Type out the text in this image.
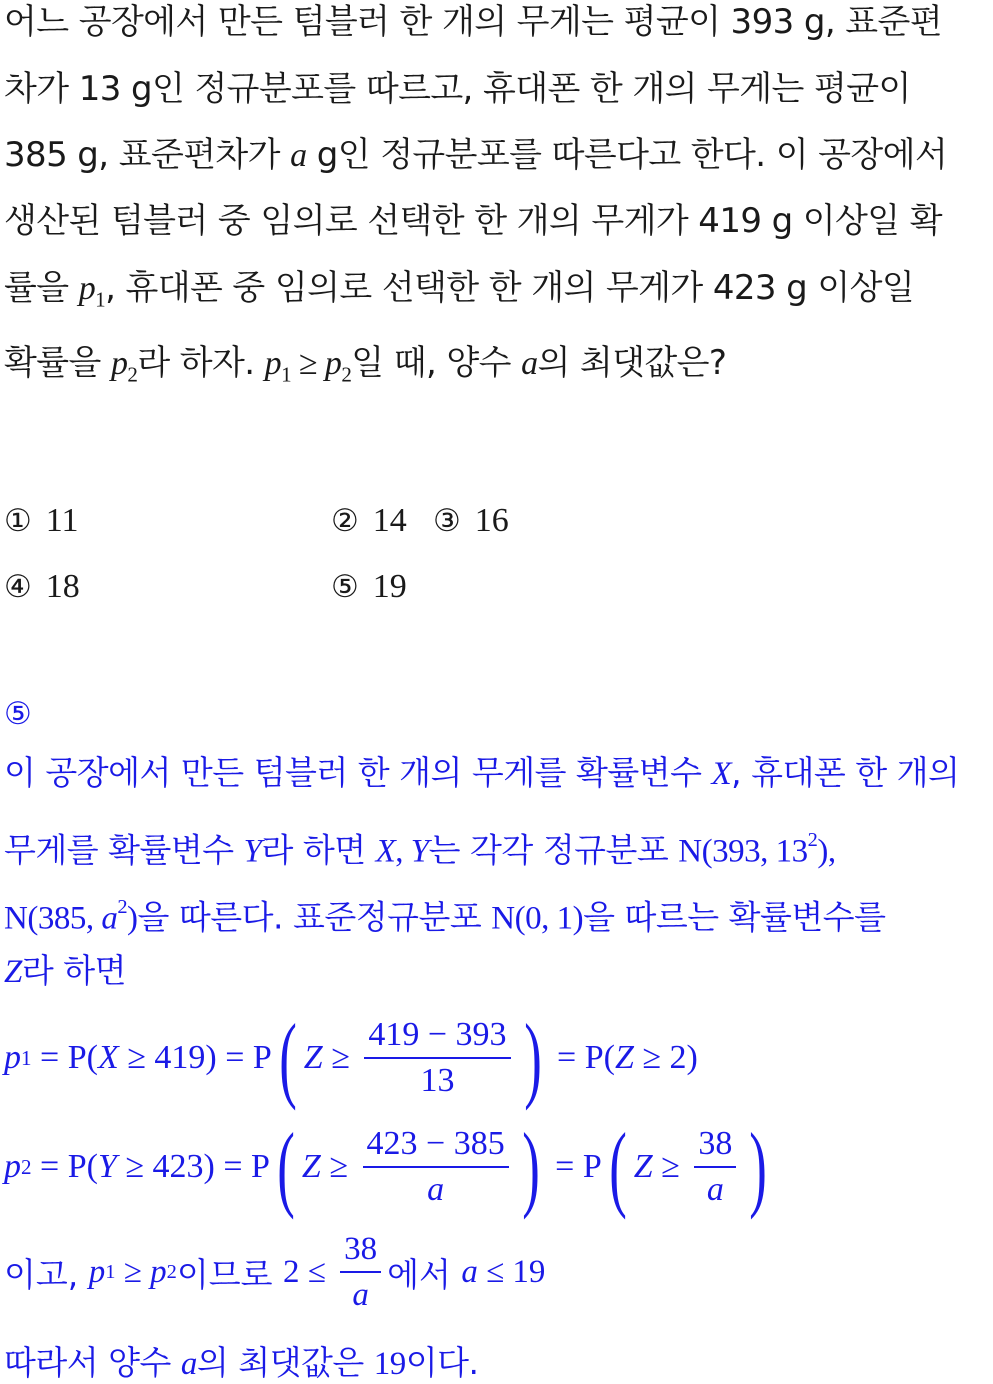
어느 공장에서 만든 텀블러 한 개의 무게는 평균이 393 g, 표준편
차가 13 g인 정규분포를 따르고, 휴대폰 한 개의 무게는 평균이
385 g, 표준편차가 a g인 정규분포를 따른다고 한다. 이 공장에서
생산된 텀블러 중 임의로 선택한 한 개의 무게가 419 g 이상일 확
률을 $p_1$, 휴대폰 중 임의로 선택한 한 개의 무게가 423 g 이상일
확률을 $p_2$라 하자. $p_1 \ge p_2$일 때, 양수 a의 최댓값은?
① 11	② 14 ③ 16
④ 18	⑤ 19
⑤
이 공장에서 만든 텀블러 한 개의 무게를 확률변수 X, 휴대폰 한 개의
무게를 확률변수 Y라 하면 X, Y는 각각 정규분포 N(393, $13^2$),
N(385, $a^2$)을 따른다. 표준정규분포 N(0, 1)을 따르는 확률변수를
Z라 하면
p 1 = P( X ≥ 419) = P ( $Z \ge \frac{419 - 393}{13}$ ) = P( Z ≥ 2)
p 2 = P( Y ≥ 423) = P ( $Z \ge \frac{423 - 385}{a}$ ) = P ( $Z \ge \frac{38}{a}$ )
이고, p 1 ≥ p 2 이므로 $2 \le \frac{38}{a}$ 에서 a ≤ 19
따라서 양수 a의 최댓값은 19이다.
